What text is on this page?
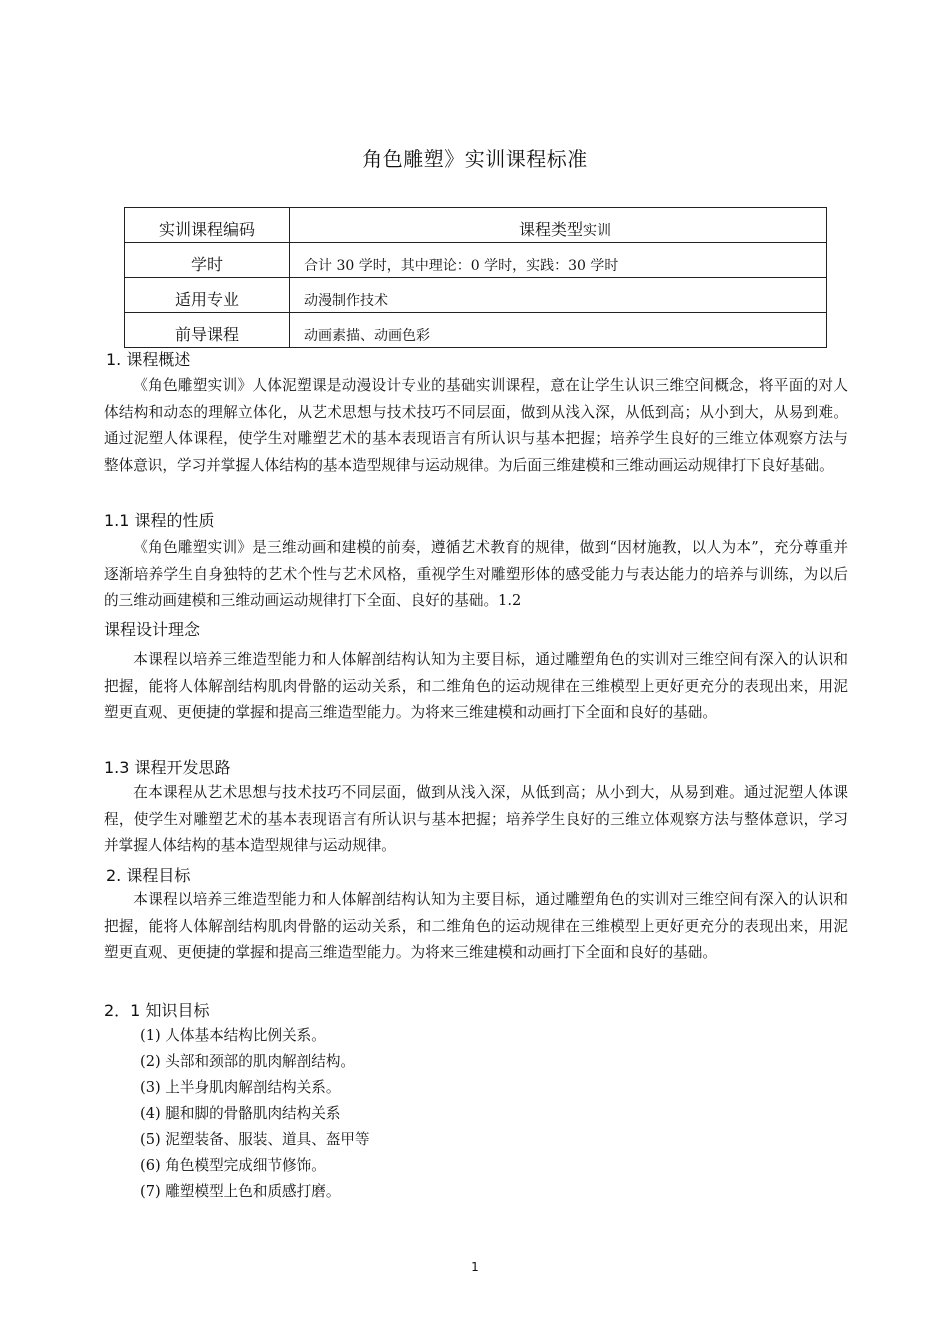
角色雕塑》实训课程标准
实训课程编码	课程类型实训
学时	合计 30 学时，其中理论：0 学时，实践：30 学时
适用专业	动漫制作技术
前导课程	动画素描、动画色彩
1. 课程概述

《角色雕塑实训》人体泥塑课是动漫设计专业的基础实训课程，意在让学生认识三维空间概念，将平面的对人体结构和动态的理解立体化，从艺术思想与技术技巧不同层面，做到从浅入深，从低到高；从小到大，从易到难。通过泥塑人体课程，使学生对雕塑艺术的基本表现语言有所认识与基本把握；培养学生良好的三维立体观察方法与整体意识，学习并掌握人体结构的基本造型规律与运动规律。为后面三维建模和三维动画运动规律打下良好基础。

1.1 课程的性质

《角色雕塑实训》是三维动画和建模的前奏，遵循艺术教育的规律，做到“因材施教，以人为本”，充分尊重并逐渐培养学生自身独特的艺术个性与艺术风格，重视学生对雕塑形体的感受能力与表达能力的培养与训练，为以后的三维动画建模和三维动画运动规律打下全面、良好的基础。1.2

课程设计理念

本课程以培养三维造型能力和人体解剖结构认知为主要目标，通过雕塑角色的实训对三维空间有深入的认识和把握，能将人体解剖结构肌肉骨骼的运动关系，和二维角色的运动规律在三维模型上更好更充分的表现出来，用泥塑更直观、更便捷的掌握和提高三维造型能力。为将来三维建模和动画打下全面和良好的基础。

1.3 课程开发思路

在本课程从艺术思想与技术技巧不同层面，做到从浅入深，从低到高；从小到大，从易到难。通过泥塑人体课程，使学生对雕塑艺术的基本表现语言有所认识与基本把握；培养学生良好的三维立体观察方法与整体意识，学习并掌握人体结构的基本造型规律与运动规律。

2. 课程目标

本课程以培养三维造型能力和人体解剖结构认知为主要目标，通过雕塑角色的实训对三维空间有深入的认识和把握，能将人体解剖结构肌肉骨骼的运动关系，和二维角色的运动规律在三维模型上更好更充分的表现出来，用泥塑更直观、更便捷的掌握和提高三维造型能力。为将来三维建模和动画打下全面和良好的基础。

2．1 知识目标
(1) 人体基本结构比例关系。
(2) 头部和颈部的肌肉解剖结构。
(3) 上半身肌肉解剖结构关系。
(4) 腿和脚的骨骼肌肉结构关系
(5) 泥塑装备、服装、道具、盔甲等
(6) 角色模型完成细节修饰。
(7) 雕塑模型上色和质感打磨。
1
